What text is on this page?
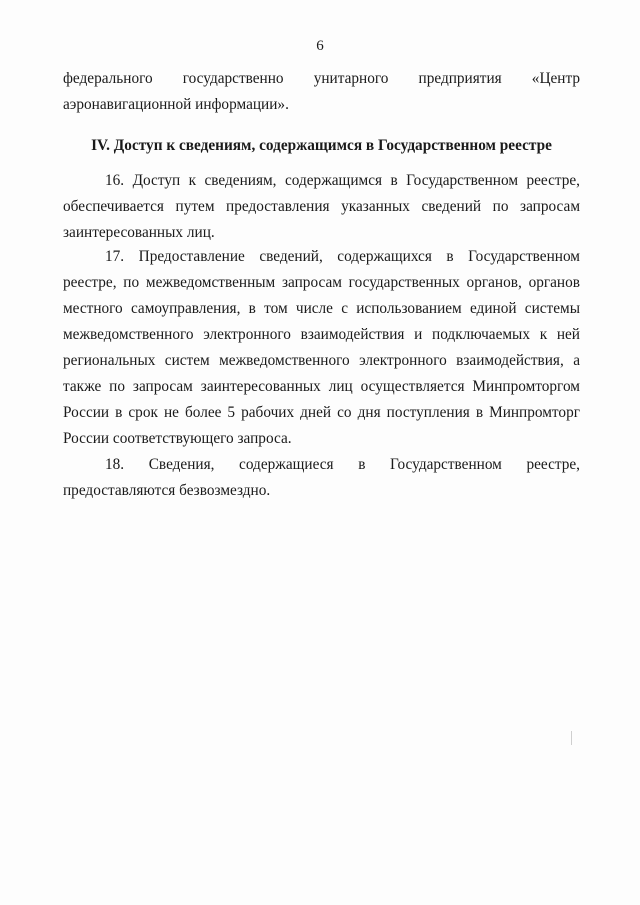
6

федерального государственно унитарного предприятия «Центр аэронавигационной информации».

IV. Доступ к сведениям, содержащимся в Государственном реестре

16. Доступ к сведениям, содержащимся в Государственном реестре, обеспечивается путем предоставления указанных сведений по запросам заинтересованных лиц.

17. Предоставление сведений, содержащихся в Государственном реестре, по межведомственным запросам государственных органов, органов местного самоуправления, в том числе с использованием единой системы межведомственного электронного взаимодействия и подключаемых к ней региональных систем межведомственного электронного взаимодействия, а также по запросам заинтересованных лиц осуществляется Минпромторгом России в срок не более 5 рабочих дней со дня поступления в Минпромторг России соответствующего запроса.

18. Сведения, содержащиеся в Государственном реестре, предоставляются безвозмездно.
